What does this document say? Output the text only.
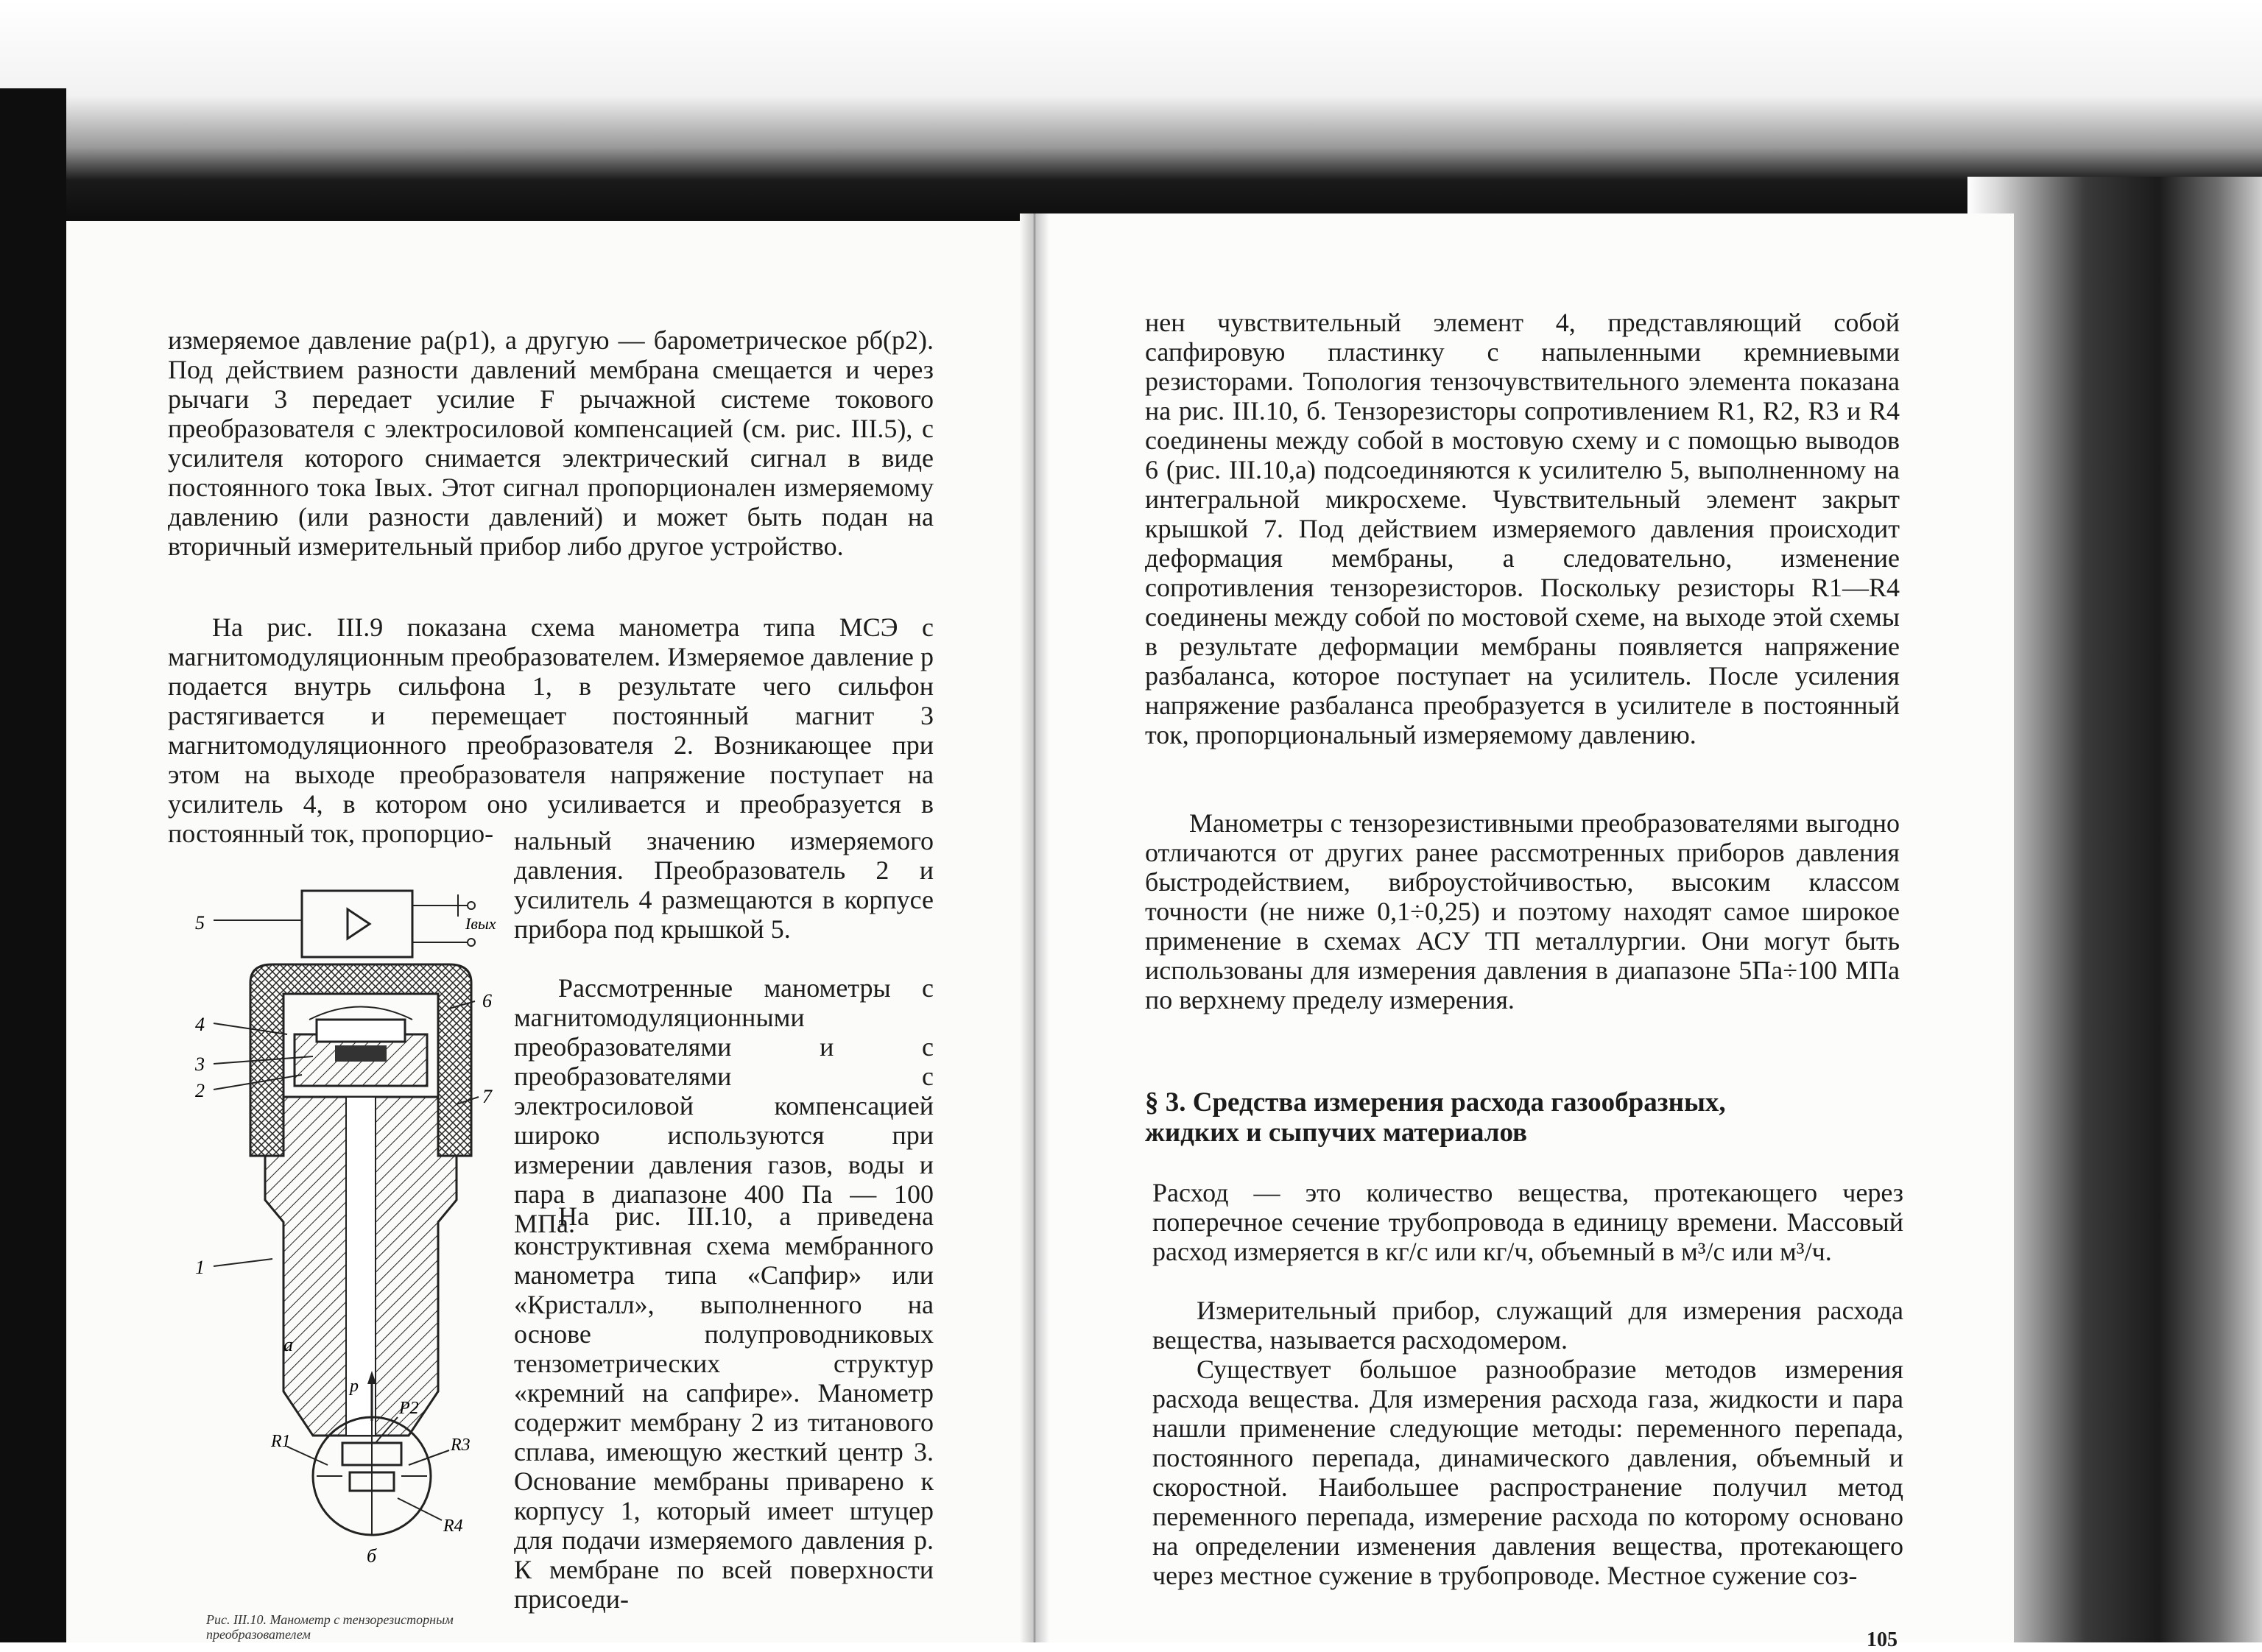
измеряемое давление pa(p1), а другую — барометрическое pб(p2). Под действием разности давлений мембрана смещается и через рычаги 3 передает усилие F рычажной системе токового преобразователя с электросиловой компенсацией (см. рис. III.5), с усилителя которого снимается электрический сигнал в виде постоянного тока Iвых. Этот сигнал пропорционален измеряемому давлению (или разности давлений) и может быть подан на вторичный измерительный прибор либо другое устройство.

На рис. III.9 показана схема манометра типа МСЭ с магнитомодуляционным преобразователем. Измеряемое давление p подается внутрь сильфона 1, в результате чего сильфон растягивается и перемещает постоянный магнит 3 магнитомодуляционного преобразователя 2. Возникающее при этом на выходе преобразователя напряжение поступает на усилитель 4, в котором оно усиливается и преобразуется в постоянный ток, пропорцио- нальный значению измеряемого давления. Преобразователь 2 и усилитель 4 размещаются в корпусе прибора под крышкой 5.

Рассмотренные манометры с магнитомодуляционными преобразователями и с преобразователями с электросиловой компенсацией широко используются при измерении давления газов, воды и пара в диапазоне 400 Па — 100 МПа.

На рис. III.10, а приведена конструктивная схема мембранного манометра типа «Сапфир» или «Кристалл», выполненного на основе полупроводниковых тензометрических структур «кремний на сапфире». Манометр содержит мембрану 2 из титанового сплава, имеющую жесткий центр 3. Основание мембраны приварено к корпусу 1, который имеет штуцер для подачи измеряемого давления p. К мембране по всей поверхности присоеди-

5
4
3
2
1
6
7
Iвых
а
p
P2
R1	R3
R4
б
Рис. III.10. Манометр с тензорезисторным преобразователем

нен чувствительный элемент 4, представляющий собой сапфировую пластинку с напыленными кремниевыми резисторами. Топология тензочувствительного элемента показана на рис. III.10, б. Тензорезисторы сопротивлением R1, R2, R3 и R4 соединены между собой в мостовую схему и с помощью выводов 6 (рис. III.10,а) подсоединяются к усилителю 5, выполненному на интегральной микросхеме. Чувствительный элемент закрыт крышкой 7. Под действием измеряемого давления происходит деформация мембраны, а следовательно, изменение сопротивления тензорезисторов. Поскольку резисторы R1—R4 соединены между собой по мостовой схеме, на выходе этой схемы в результате деформации мембраны появляется напряжение разбаланса, которое поступает на усилитель. После усиления напряжение разбаланса преобразуется в усилителе в постоянный ток, пропорциональный измеряемому давлению.

Манометры с тензорезистивными преобразователями выгодно отличаются от других ранее рассмотренных приборов давления быстродействием, виброустойчивостью, высоким классом точности (не ниже 0,1÷0,25) и поэтому находят самое широкое применение в схемах АСУ ТП металлургии. Они могут быть использованы для измерения давления в диапазоне 5Па÷100 МПа по верхнему пределу измерения.

§ 3. Средства измерения расхода газообразных,
жидких и сыпучих материалов

Расход — это количество вещества, протекающего через поперечное сечение трубопровода в единицу времени. Массовый расход измеряется в кг/с или кг/ч, объемный в м³/с или м³/ч.

Измерительный прибор, служащий для измерения расхода вещества, называется расходомером.

Существует большое разнообразие методов измерения расхода вещества. Для измерения расхода газа, жидкости и пара нашли применение следующие методы: переменного перепада, постоянного перепада, динамического давления, объемный и скоростной. Наибольшее распространение получил метод переменного перепада, измерение расхода по которому основано на определении изменения давления вещества, протекающего через местное сужение в трубопроводе. Местное сужение соз-

105
